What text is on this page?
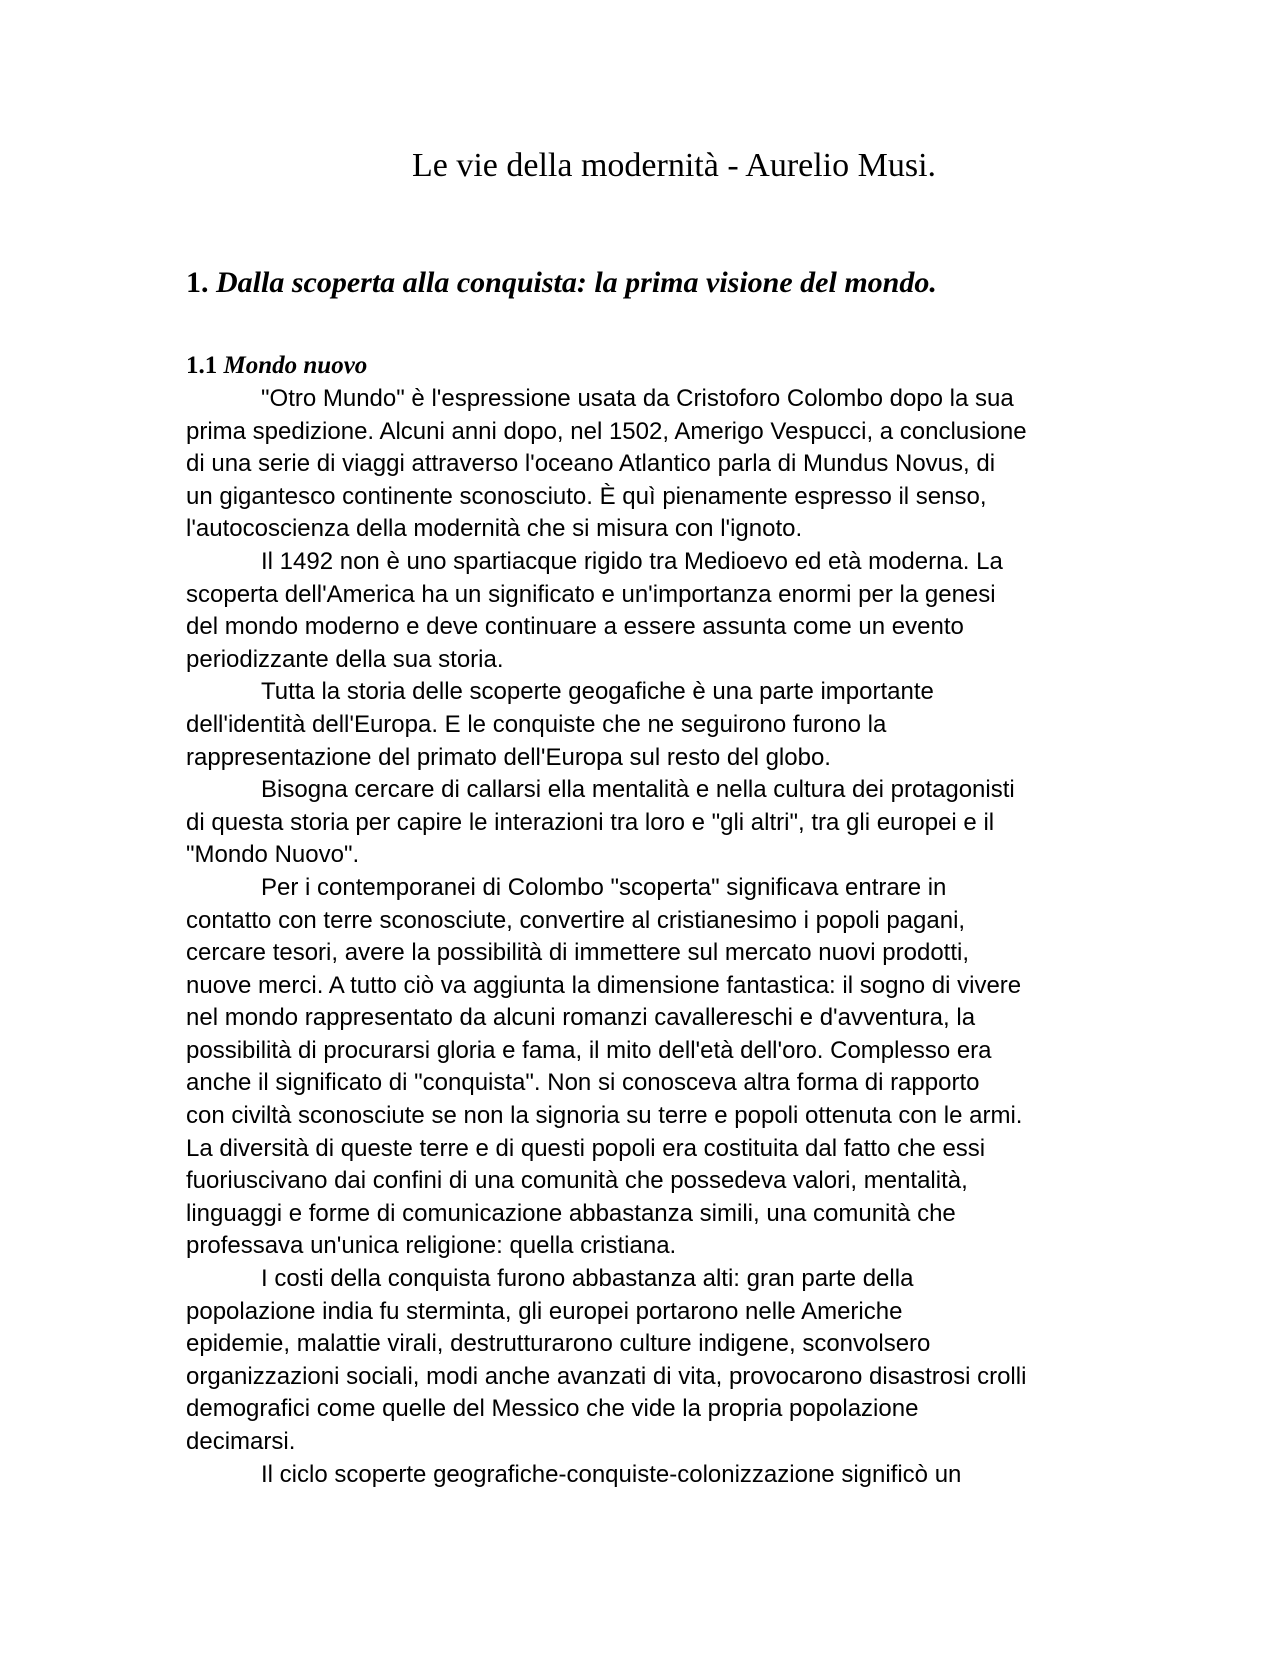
Le vie della modernità - Aurelio Musi.
1. Dalla scoperta alla conquista: la prima visione del mondo.
1.1 Mondo nuovo
"Otro Mundo" è l'espressione usata da Cristoforo Colombo dopo la sua
prima spedizione. Alcuni anni dopo, nel 1502, Amerigo Vespucci, a conclusione
di una serie di viaggi attraverso l'oceano Atlantico parla di Mundus Novus, di
un gigantesco continente sconosciuto. È quì pienamente espresso il senso,
l'autocoscienza della modernità che si misura con l'ignoto.
Il 1492 non è uno spartiacque rigido tra Medioevo ed età moderna. La
scoperta dell'America ha un significato e un'importanza enormi per la genesi
del mondo moderno e deve continuare a essere assunta come un evento
periodizzante della sua storia.
Tutta la storia delle scoperte geogafiche è una parte importante
dell'identità dell'Europa. E le conquiste che ne seguirono furono la
rappresentazione del primato dell'Europa sul resto del globo.
Bisogna cercare di callarsi ella mentalità e nella cultura dei protagonisti
di questa storia per capire le interazioni tra loro e "gli altri", tra gli europei e il
"Mondo Nuovo".
Per i contemporanei di Colombo "scoperta" significava entrare in
contatto con terre sconosciute, convertire al cristianesimo i popoli pagani,
cercare tesori, avere la possibilità di immettere sul mercato nuovi prodotti,
nuove merci. A tutto ciò va aggiunta la dimensione fantastica: il sogno di vivere
nel mondo rappresentato da alcuni romanzi cavallereschi e d'avventura, la
possibilità di procurarsi gloria e fama, il mito dell'età dell'oro. Complesso era
anche il significato di "conquista". Non si conosceva altra forma di rapporto
con civiltà sconosciute se non la signoria su terre e popoli ottenuta con le armi.
La diversità di queste terre e di questi popoli era costituita dal fatto che essi
fuoriuscivano dai confini di una comunità che possedeva valori, mentalità,
linguaggi e forme di comunicazione abbastanza simili, una comunità che
professava un'unica religione: quella cristiana.
I costi della conquista furono abbastanza alti: gran parte della
popolazione india fu sterminta, gli europei portarono nelle Americhe
epidemie, malattie virali, destrutturarono culture indigene, sconvolsero
organizzazioni sociali, modi anche avanzati di vita, provocarono disastrosi crolli
demografici come quelle del Messico che vide la propria popolazione
decimarsi.
Il ciclo scoperte geografiche-conquiste-colonizzazione significò un
